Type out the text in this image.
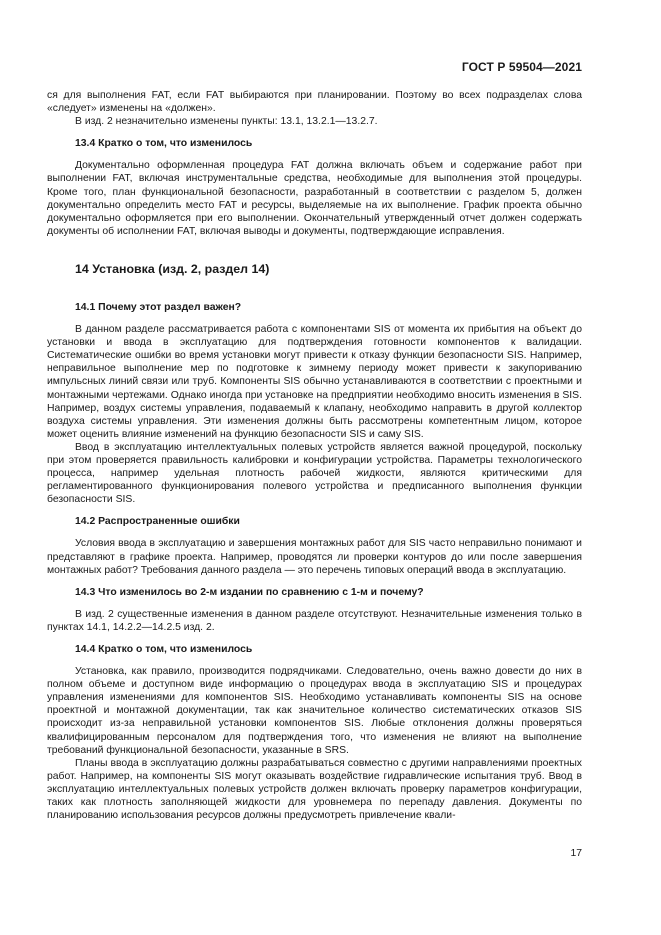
ГОСТ Р 59504—2021

ся для выполнения FAT, если FAT выбираются при планировании. Поэтому во всех подразделах слова «следует» изменены на «должен».

В изд. 2 незначительно изменены пункты: 13.1, 13.2.1—13.2.7.

13.4 Кратко о том, что изменилось

Документально оформленная процедура FAT должна включать объем и содержание работ при выполнении FAT, включая инструментальные средства, необходимые для выполнения этой процедуры. Кроме того, план функциональной безопасности, разработанный в соответствии с разделом 5, должен документально определить место FAT и ресурсы, выделяемые на их выполнение. График проекта обычно документально оформляется при его выполнении. Окончательный утвержденный отчет должен содержать документы об исполнении FAT, включая выводы и документы, подтверждающие исправления.

14 Установка (изд. 2, раздел 14)
14.1 Почему этот раздел важен?

В данном разделе рассматривается работа с компонентами SIS от момента их прибытия на объект до установки и ввода в эксплуатацию для подтверждения готовности компонентов к валидации. Систематические ошибки во время установки могут привести к отказу функции безопасности SIS. Например, неправильное выполнение мер по подготовке к зимнему периоду может привести к закупориванию импульсных линий связи или труб. Компоненты SIS обычно устанавливаются в соответствии с проектными и монтажными чертежами. Однако иногда при установке на предприятии необходимо вносить изменения в SIS. Например, воздух системы управления, подаваемый к клапану, необходимо направить в другой коллектор воздуха системы управления. Эти изменения должны быть рассмотрены компетентным лицом, которое может оценить влияние изменений на функцию безопасности SIS и саму SIS.

Ввод в эксплуатацию интеллектуальных полевых устройств является важной процедурой, поскольку при этом проверяется правильность калибровки и конфигурации устройства. Параметры технологического процесса, например удельная плотность рабочей жидкости, являются критическими для регламентированного функционирования полевого устройства и предписанного выполнения функции безопасности SIS.

14.2 Распространенные ошибки

Условия ввода в эксплуатацию и завершения монтажных работ для SIS часто неправильно понимают и представляют в графике проекта. Например, проводятся ли проверки контуров до или после завершения монтажных работ? Требования данного раздела — это перечень типовых операций ввода в эксплуатацию.

14.3 Что изменилось во 2-м издании по сравнению с 1-м и почему?

В изд. 2 существенные изменения в данном разделе отсутствуют. Незначительные изменения только в пунктах 14.1, 14.2.2—14.2.5 изд. 2.

14.4 Кратко о том, что изменилось

Установка, как правило, производится подрядчиками. Следовательно, очень важно довести до них в полном объеме и доступном виде информацию о процедурах ввода в эксплуатацию SIS и процедурах управления изменениями для компонентов SIS. Необходимо устанавливать компоненты SIS на основе проектной и монтажной документации, так как значительное количество систематических отказов SIS происходит из-за неправильной установки компонентов SIS. Любые отклонения должны проверяться квалифицированным персоналом для подтверждения того, что изменения не влияют на выполнение требований функциональной безопасности, указанные в SRS.

Планы ввода в эксплуатацию должны разрабатываться совместно с другими направлениями проектных работ. Например, на компоненты SIS могут оказывать воздействие гидравлические испытания труб. Ввод в эксплуатацию интеллектуальных полевых устройств должен включать проверку параметров конфигурации, таких как плотность заполняющей жидкости для уровнемера по перепаду давления. Документы по планированию использования ресурсов должны предусмотреть привлечение квали-

17
